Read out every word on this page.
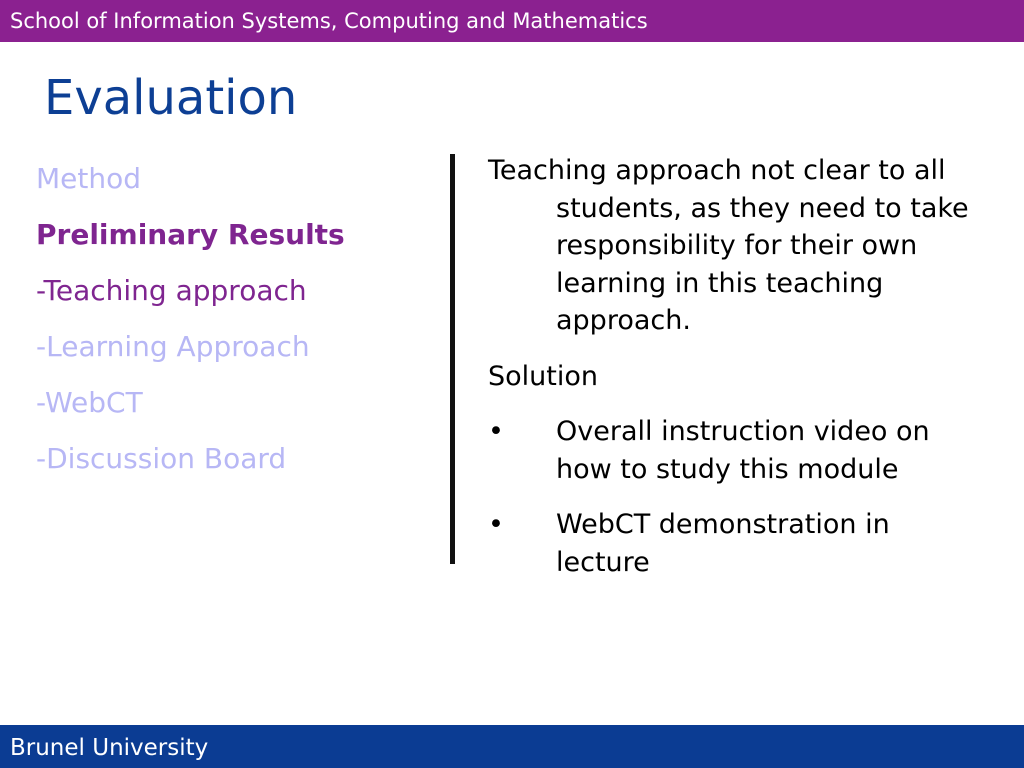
School of Information Systems, Computing and Mathematics
Evaluation
Method
Preliminary Results
-Teaching approach
-Learning Approach
-WebCT
-Discussion Board

Teaching approach not clear to all students, as they need to take responsibility for their own learning in this teaching approach.

Solution

• Overall instruction video on how to study this module
• WebCT demonstration in lecture
Brunel University
